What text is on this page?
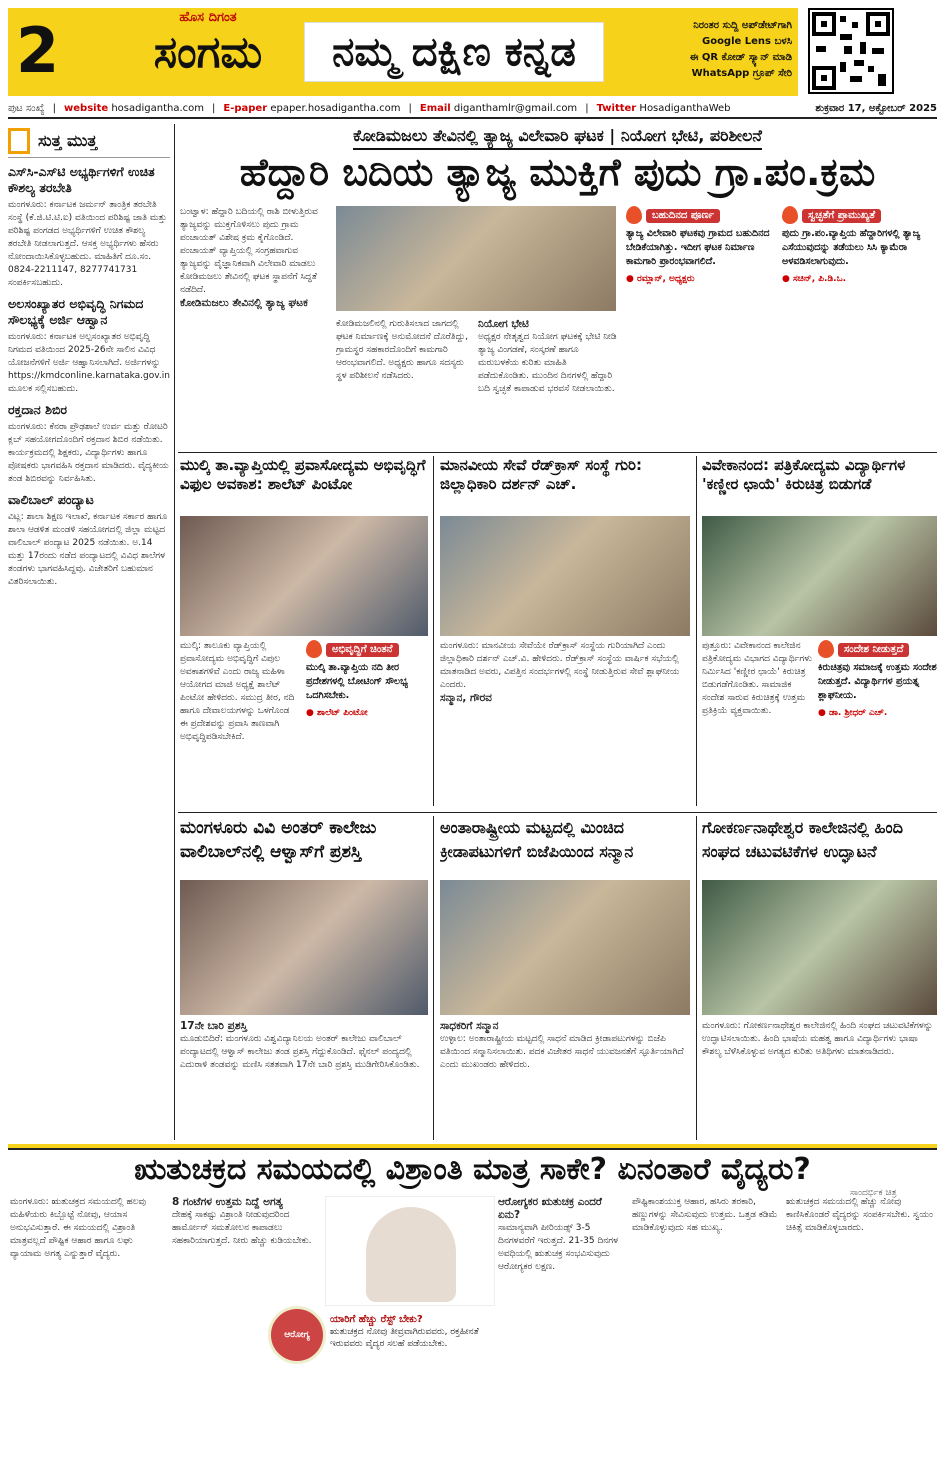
2	ಹೊಸ ದಿಗಂತ
ಸಂಗಮ	ನಮ್ಮ ದಕ್ಷಿಣ ಕನ್ನಡ
ನಿರಂತರ ಸುದ್ದಿ ಅಪ್‌ಡೇಟ್‌ಗಾಗಿ
Google Lens ಬಳಸಿ
ಈ QR ಕೋಡ್ ಸ್ಕ್ಯಾನ್ ಮಾಡಿ
WhatsApp ಗ್ರೂಪ್ ಸೇರಿ
ಪುಟ ಸಂಖ್ಯೆ | website hosadigantha.com | E-paper epaper.hosadigantha.com | Email diganthamlr@gmail.com | Twitter HosadiganthaWeb	ಶುಕ್ರವಾರ 17, ಅಕ್ಟೋಬರ್ 2025
ಸುತ್ತ ಮುತ್ತ
ಎಸ್‌ಸಿ-ಎಸ್‌ಟಿ ಅಭ್ಯರ್ಥಿಗಳಿಗೆ ಉಚಿತ ಕೌಶಲ್ಯ ತರಬೇತಿ
ಮಂಗಳೂರು: ಕರ್ನಾಟಕ ಜರ್ಮನ್ ತಾಂತ್ರಿಕ ತರಬೇತಿ ಸಂಸ್ಥೆ (ಕೆ.ಜಿ.ಟಿ.ಟಿ.ಐ) ವತಿಯಿಂದ ಪರಿಶಿಷ್ಟ ಜಾತಿ ಮತ್ತು ಪರಿಶಿಷ್ಟ ಪಂಗಡದ ಅಭ್ಯರ್ಥಿಗಳಿಗೆ ಉಚಿತ ಕೌಶಲ್ಯ ತರಬೇತಿ ನೀಡಲಾಗುತ್ತದೆ. ಆಸಕ್ತ ಅಭ್ಯರ್ಥಿಗಳು ಹೆಸರು ನೋಂದಾಯಿಸಿಕೊಳ್ಳಬಹುದು. ಮಾಹಿತಿಗೆ ದೂ.ಸಂ. 0824-2211147, 8277741731 ಸಂಪರ್ಕಿಸಬಹುದು.
ಅಲಸಂಖ್ಯಾತರ ಅಭಿವೃದ್ಧಿ ನಿಗಮದ ಸೌಲಭ್ಯಕ್ಕೆ ಅರ್ಜಿ ಆಹ್ವಾನ
ಮಂಗಳೂರು: ಕರ್ನಾಟಕ ಅಲ್ಪಸಂಖ್ಯಾತರ ಅಭಿವೃದ್ಧಿ ನಿಗಮದ ವತಿಯಿಂದ 2025-26ನೇ ಸಾಲಿನ ವಿವಿಧ ಯೋಜನೆಗಳಿಗೆ ಅರ್ಜಿ ಆಹ್ವಾನಿಸಲಾಗಿದೆ. ಅರ್ಜಿಗಳನ್ನು https://kmdconline.karnataka.gov.in ಮೂಲಕ ಸಲ್ಲಿಸಬಹುದು.
ರಕ್ತದಾನ ಶಿಬಿರ
ಮಂಗಳೂರು: ಕೆನರಾ ಪ್ರೌಢಶಾಲೆ ಉರ್ವ ಮತ್ತು ರೋಟರಿ ಕ್ಲಬ್ ಸಹಯೋಗದೊಂದಿಗೆ ರಕ್ತದಾನ ಶಿಬಿರ ನಡೆಯಿತು. ಕಾರ್ಯಕ್ರಮದಲ್ಲಿ ಶಿಕ್ಷಕರು, ವಿದ್ಯಾರ್ಥಿಗಳು ಹಾಗೂ ಪೋಷಕರು ಭಾಗವಹಿಸಿ ರಕ್ತದಾನ ಮಾಡಿದರು. ವೈದ್ಯಕೀಯ ತಂಡ ಶಿಬಿರವನ್ನು ನಿರ್ವಹಿಸಿತು.
ವಾಲಿಬಾಲ್ ಪಂದ್ಯಾಟ
ವಿಟ್ಲ: ಶಾಲಾ ಶಿಕ್ಷಣ ಇಲಾಖೆ, ಕರ್ನಾಟಕ ಸರ್ಕಾರ ಹಾಗೂ ಶಾಲಾ ಆಡಳಿತ ಮಂಡಳಿ ಸಹಯೋಗದಲ್ಲಿ ಜಿಲ್ಲಾ ಮಟ್ಟದ ವಾಲಿಬಾಲ್ ಪಂದ್ಯಾಟ 2025 ನಡೆಯಿತು. ಅ.14 ಮತ್ತು 17ರಂದು ನಡೆದ ಪಂದ್ಯಾಟದಲ್ಲಿ ವಿವಿಧ ಶಾಲೆಗಳ ತಂಡಗಳು ಭಾಗವಹಿಸಿದ್ದವು. ವಿಜೇತರಿಗೆ ಬಹುಮಾನ ವಿತರಿಸಲಾಯಿತು.
ಕೋಡಿಮಜಲು ತೇವಿನಲ್ಲಿ ತ್ಯಾಜ್ಯ ವಿಲೇವಾರಿ ಘಟಕ | ನಿಯೋಗ ಭೇಟಿ, ಪರಿಶೀಲನೆ
ಹೆದ್ದಾರಿ ಬದಿಯ ತ್ಯಾಜ್ಯ ಮುಕ್ತಿಗೆ ಪುದು ಗ್ರಾ.ಪಂ.ಕ್ರಮ
ಬಂಟ್ವಾಳ: ಹೆದ್ದಾರಿ ಬದಿಯಲ್ಲಿ ರಾಶಿ ಬೀಳುತ್ತಿರುವ ತ್ಯಾಜ್ಯವನ್ನು ಮುಕ್ತಗೊಳಿಸಲು ಪುದು ಗ್ರಾಮ ಪಂಚಾಯತ್ ವಿಶೇಷ ಕ್ರಮ ಕೈಗೊಂಡಿದೆ. ಪಂಚಾಯತ್ ವ್ಯಾಪ್ತಿಯಲ್ಲಿ ಸಂಗ್ರಹವಾಗುವ ತ್ಯಾಜ್ಯವನ್ನು ವೈಜ್ಞಾನಿಕವಾಗಿ ವಿಲೇವಾರಿ ಮಾಡಲು ಕೋಡಿಮಜಲು ತೇವಿನಲ್ಲಿ ಘಟಕ ಸ್ಥಾಪನೆಗೆ ಸಿದ್ಧತೆ ನಡೆದಿದೆ.
ಕೋಡಿಮಜಲು ತೇವಿನಲ್ಲಿ ತ್ಯಾಜ್ಯ ಘಟಕ
ಕೋಡಿಮಜಲಿನಲ್ಲಿ ಗುರುತಿಸಲಾದ ಜಾಗದಲ್ಲಿ ಘಟಕ ನಿರ್ಮಾಣಕ್ಕೆ ಅನುಮೋದನೆ ದೊರೆತಿದ್ದು, ಗ್ರಾಮಸ್ಥರ ಸಹಕಾರದೊಂದಿಗೆ ಕಾಮಗಾರಿ ಆರಂಭವಾಗಲಿದೆ. ಅಧ್ಯಕ್ಷರು ಹಾಗೂ ಸದಸ್ಯರು ಸ್ಥಳ ಪರಿಶೀಲನೆ ನಡೆಸಿದರು.
ನಿಯೋಗ ಭೇಟಿ
ಅಧ್ಯಕ್ಷರ ನೇತೃತ್ವದ ನಿಯೋಗ ಘಟಕಕ್ಕೆ ಭೇಟಿ ನೀಡಿ ತ್ಯಾಜ್ಯ ವಿಂಗಡಣೆ, ಸಂಸ್ಕರಣೆ ಹಾಗೂ ಮರುಬಳಕೆಯ ಕುರಿತು ಮಾಹಿತಿ ಪಡೆದುಕೊಂಡಿತು. ಮುಂದಿನ ದಿನಗಳಲ್ಲಿ ಹೆದ್ದಾರಿ ಬದಿ ಸ್ವಚ್ಛತೆ ಕಾಪಾಡುವ ಭರವಸೆ ನೀಡಲಾಯಿತು.
ಬಹುದಿನದ ಪೂರ್ಣ
ತ್ಯಾಜ್ಯ ವಿಲೇವಾರಿ ಘಟಕವು ಗ್ರಾಮದ ಬಹುದಿನದ ಬೇಡಿಕೆಯಾಗಿತ್ತು. ಇದೀಗ ಘಟಕ ನಿರ್ಮಾಣ ಕಾಮಗಾರಿ ಪ್ರಾರಂಭವಾಗಲಿದೆ.
● ರಮ್ಲಾನ್, ಅಧ್ಯಕ್ಷರು
ಸ್ವಚ್ಛತೆಗೆ ಪ್ರಾಮುಖ್ಯತೆ
ಪುದು ಗ್ರಾ.ಪಂ.ವ್ಯಾಪ್ತಿಯ ಹೆದ್ದಾರಿಗಳಲ್ಲಿ ತ್ಯಾಜ್ಯ ಎಸೆಯುವುದನ್ನು ತಡೆಯಲು ಸಿಸಿ ಕ್ಯಾಮೆರಾ ಅಳವಡಿಸಲಾಗುವುದು.
● ಸಚಿನ್, ಪಿ.ಡಿ.ಒ.
ಮುಲ್ಕಿ ತಾ.ವ್ಯಾಪ್ತಿಯಲ್ಲಿ ಪ್ರವಾಸೋದ್ಯಮ ಅಭಿವೃದ್ಧಿಗೆ ವಿಫುಲ ಅವಕಾಶ: ಶಾಲೆಟ್ ಪಿಂಟೋ
ಮುಲ್ಕಿ: ತಾಲೂಕು ವ್ಯಾಪ್ತಿಯಲ್ಲಿ ಪ್ರವಾಸೋದ್ಯಮ ಅಭಿವೃದ್ಧಿಗೆ ವಿಪುಲ ಅವಕಾಶಗಳಿವೆ ಎಂದು ರಾಜ್ಯ ಮಹಿಳಾ ಆಯೋಗದ ಮಾಜಿ ಅಧ್ಯಕ್ಷೆ ಶಾಲೆಟ್ ಪಿಂಟೋ ಹೇಳಿದರು. ಸಮುದ್ರ ತೀರ, ನದಿ ಹಾಗೂ ದೇವಾಲಯಗಳನ್ನು ಒಳಗೊಂಡ ಈ ಪ್ರದೇಶವನ್ನು ಪ್ರವಾಸಿ ತಾಣವಾಗಿ ಅಭಿವೃದ್ಧಿಪಡಿಸಬೇಕಿದೆ.
ಅಭಿವೃದ್ಧಿಗೆ ಚಿಂತನೆ
ಮುಲ್ಕಿ ತಾ.ವ್ಯಾಪ್ತಿಯ ನದಿ ತೀರ ಪ್ರದೇಶಗಳಲ್ಲಿ ಬೋಟಿಂಗ್ ಸೌಲಭ್ಯ ಒದಗಿಸಬೇಕು.
● ಶಾಲೆಟ್ ಪಿಂಟೋ
ಮಾನವೀಯ ಸೇವೆ ರೆಡ್‌ಕ್ರಾಸ್ ಸಂಸ್ಥೆ ಗುರಿ: ಜಿಲ್ಲಾಧಿಕಾರಿ ದರ್ಶನ್ ಎಚ್.
ಮಂಗಳೂರು: ಮಾನವೀಯ ಸೇವೆಯೇ ರೆಡ್‌ಕ್ರಾಸ್ ಸಂಸ್ಥೆಯ ಗುರಿಯಾಗಿದೆ ಎಂದು ಜಿಲ್ಲಾಧಿಕಾರಿ ದರ್ಶನ್ ಎಚ್.ವಿ. ಹೇಳಿದರು. ರೆಡ್‌ಕ್ರಾಸ್ ಸಂಸ್ಥೆಯ ವಾರ್ಷಿಕ ಸಭೆಯಲ್ಲಿ ಮಾತನಾಡಿದ ಅವರು, ವಿಪತ್ತಿನ ಸಂದರ್ಭಗಳಲ್ಲಿ ಸಂಸ್ಥೆ ನೀಡುತ್ತಿರುವ ಸೇವೆ ಶ್ಲಾಘನೀಯ ಎಂದರು.
ಸನ್ಮಾನ, ಗೌರವ
ವಿವೇಕಾನಂದ: ಪತ್ರಿಕೋದ್ಯಮ ವಿದ್ಯಾರ್ಥಿಗಳ 'ಕಣ್ಣೀರ ಛಾಯೆ' ಕಿರುಚಿತ್ರ ಬಿಡುಗಡೆ
ಪುತ್ತೂರು: ವಿವೇಕಾನಂದ ಕಾಲೇಜಿನ ಪತ್ರಿಕೋದ್ಯಮ ವಿಭಾಗದ ವಿದ್ಯಾರ್ಥಿಗಳು ನಿರ್ಮಿಸಿದ 'ಕಣ್ಣೀರ ಛಾಯೆ' ಕಿರುಚಿತ್ರ ಬಿಡುಗಡೆಗೊಂಡಿತು. ಸಾಮಾಜಿಕ ಸಂದೇಶ ಸಾರುವ ಕಿರುಚಿತ್ರಕ್ಕೆ ಉತ್ತಮ ಪ್ರತಿಕ್ರಿಯೆ ವ್ಯಕ್ತವಾಯಿತು.
ಸಂದೇಶ ನೀಡುತ್ತದೆ
ಕಿರುಚಿತ್ರವು ಸಮಾಜಕ್ಕೆ ಉತ್ತಮ ಸಂದೇಶ ನೀಡುತ್ತದೆ. ವಿದ್ಯಾರ್ಥಿಗಳ ಪ್ರಯತ್ನ ಶ್ಲಾಘನೀಯ.
● ಡಾ. ಶ್ರೀಧರ್ ಎಚ್.
ಮಂಗಳೂರು ವಿವಿ ಅಂತರ್ ಕಾಲೇಜು ವಾಲಿಬಾಲ್‌ನಲ್ಲಿ ಆಳ್ವಾಸ್‌ಗೆ ಪ್ರಶಸ್ತಿ
17ನೇ ಬಾರಿ ಪ್ರಶಸ್ತಿ
ಮೂಡುಬಿದಿರೆ: ಮಂಗಳೂರು ವಿಶ್ವವಿದ್ಯಾನಿಲಯ ಅಂತರ್ ಕಾಲೇಜು ವಾಲಿಬಾಲ್ ಪಂದ್ಯಾಟದಲ್ಲಿ ಆಳ್ವಾಸ್ ಕಾಲೇಜು ತಂಡ ಪ್ರಶಸ್ತಿ ಗೆದ್ದುಕೊಂಡಿದೆ. ಫೈನಲ್ ಪಂದ್ಯದಲ್ಲಿ ಎದುರಾಳಿ ತಂಡವನ್ನು ಮಣಿಸಿ ಸತತವಾಗಿ 17ನೇ ಬಾರಿ ಪ್ರಶಸ್ತಿ ಮುಡಿಗೇರಿಸಿಕೊಂಡಿತು.
ಅಂತಾರಾಷ್ಟ್ರೀಯ ಮಟ್ಟದಲ್ಲಿ ಮಿಂಚಿದ ಕ್ರೀಡಾಪಟುಗಳಿಗೆ ಬಿಜೆಪಿಯಿಂದ ಸನ್ಮಾನ
ಸಾಧಕರಿಗೆ ಸನ್ಮಾನ
ಉಳ್ಳಾಲ: ಅಂತಾರಾಷ್ಟ್ರೀಯ ಮಟ್ಟದಲ್ಲಿ ಸಾಧನೆ ಮಾಡಿದ ಕ್ರೀಡಾಪಟುಗಳನ್ನು ಬಿಜೆಪಿ ವತಿಯಿಂದ ಸನ್ಮಾನಿಸಲಾಯಿತು. ಪದಕ ವಿಜೇತರ ಸಾಧನೆ ಯುವಜನತೆಗೆ ಸ್ಫೂರ್ತಿಯಾಗಿದೆ ಎಂದು ಮುಖಂಡರು ಹೇಳಿದರು.
ಗೋಕರ್ಣನಾಥೇಶ್ವರ ಕಾಲೇಜಿನಲ್ಲಿ ಹಿಂದಿ ಸಂಘದ ಚಟುವಟಿಕೆಗಳ ಉದ್ಘಾಟನೆ
ಮಂಗಳೂರು: ಗೋಕರ್ಣನಾಥೇಶ್ವರ ಕಾಲೇಜಿನಲ್ಲಿ ಹಿಂದಿ ಸಂಘದ ಚಟುವಟಿಕೆಗಳನ್ನು ಉದ್ಘಾಟಿಸಲಾಯಿತು. ಹಿಂದಿ ಭಾಷೆಯ ಮಹತ್ವ ಹಾಗೂ ವಿದ್ಯಾರ್ಥಿಗಳು ಭಾಷಾ ಕೌಶಲ್ಯ ಬೆಳೆಸಿಕೊಳ್ಳುವ ಅಗತ್ಯದ ಕುರಿತು ಅತಿಥಿಗಳು ಮಾತನಾಡಿದರು.
ಋತುಚಕ್ರದ ಸಮಯದಲ್ಲಿ ವಿಶ್ರಾಂತಿ ಮಾತ್ರ ಸಾಕೇ? ಏನಂತಾರೆ ವೈದ್ಯರು?
ಸಾಂದರ್ಭಿಕ ಚಿತ್ರ
ಮಂಗಳೂರು: ಋತುಚಕ್ರದ ಸಮಯದಲ್ಲಿ ಹಲವು ಮಹಿಳೆಯರು ಕಿಬ್ಬೊಟ್ಟೆ ನೋವು, ಆಯಾಸ ಅನುಭವಿಸುತ್ತಾರೆ. ಈ ಸಮಯದಲ್ಲಿ ವಿಶ್ರಾಂತಿ ಮಾತ್ರವಲ್ಲದೆ ಪೌಷ್ಟಿಕ ಆಹಾರ ಹಾಗೂ ಲಘು ವ್ಯಾಯಾಮ ಅಗತ್ಯ ಎನ್ನುತ್ತಾರೆ ವೈದ್ಯರು.
8 ಗಂಟೆಗಳ ಉತ್ತಮ ನಿದ್ದೆ ಅಗತ್ಯ
ದೇಹಕ್ಕೆ ಸಾಕಷ್ಟು ವಿಶ್ರಾಂತಿ ನೀಡುವುದರಿಂದ ಹಾರ್ಮೋನ್ ಸಮತೋಲನ ಕಾಪಾಡಲು ಸಹಕಾರಿಯಾಗುತ್ತದೆ. ನೀರು ಹೆಚ್ಚು ಕುಡಿಯಬೇಕು.
ಆರೋಗ್ಯ
ಯಾರಿಗೆ ಹೆಚ್ಚು ರೆಸ್ಟ್ ಬೇಕು?
ಋತುಚಕ್ರದ ನೋವು ತೀವ್ರವಾಗಿರುವವರು, ರಕ್ತಹೀನತೆ ಇರುವವರು ವೈದ್ಯರ ಸಲಹೆ ಪಡೆಯಬೇಕು.
ಆರೋಗ್ಯಕರ ಋತುಚಕ್ರ ಎಂದರೆ ಏನು?
ಸಾಮಾನ್ಯವಾಗಿ ಪೀರಿಯಡ್ಸ್ 3-5 ದಿನಗಳವರೆಗೆ ಇರುತ್ತದೆ. 21-35 ದಿನಗಳ ಅವಧಿಯಲ್ಲಿ ಋತುಚಕ್ರ ಸಂಭವಿಸುವುದು ಆರೋಗ್ಯಕರ ಲಕ್ಷಣ.
ಪೌಷ್ಟಿಕಾಂಶಯುಕ್ತ ಆಹಾರ, ಹಸಿರು ತರಕಾರಿ, ಹಣ್ಣುಗಳನ್ನು ಸೇವಿಸುವುದು ಉತ್ತಮ. ಒತ್ತಡ ಕಡಿಮೆ ಮಾಡಿಕೊಳ್ಳುವುದು ಸಹ ಮುಖ್ಯ.
ಋತುಚಕ್ರದ ಸಮಯದಲ್ಲಿ ಹೆಚ್ಚು ನೋವು ಕಾಣಿಸಿಕೊಂಡರೆ ವೈದ್ಯರನ್ನು ಸಂಪರ್ಕಿಸಬೇಕು. ಸ್ವಯಂ ಚಿಕಿತ್ಸೆ ಮಾಡಿಕೊಳ್ಳಬಾರದು.
